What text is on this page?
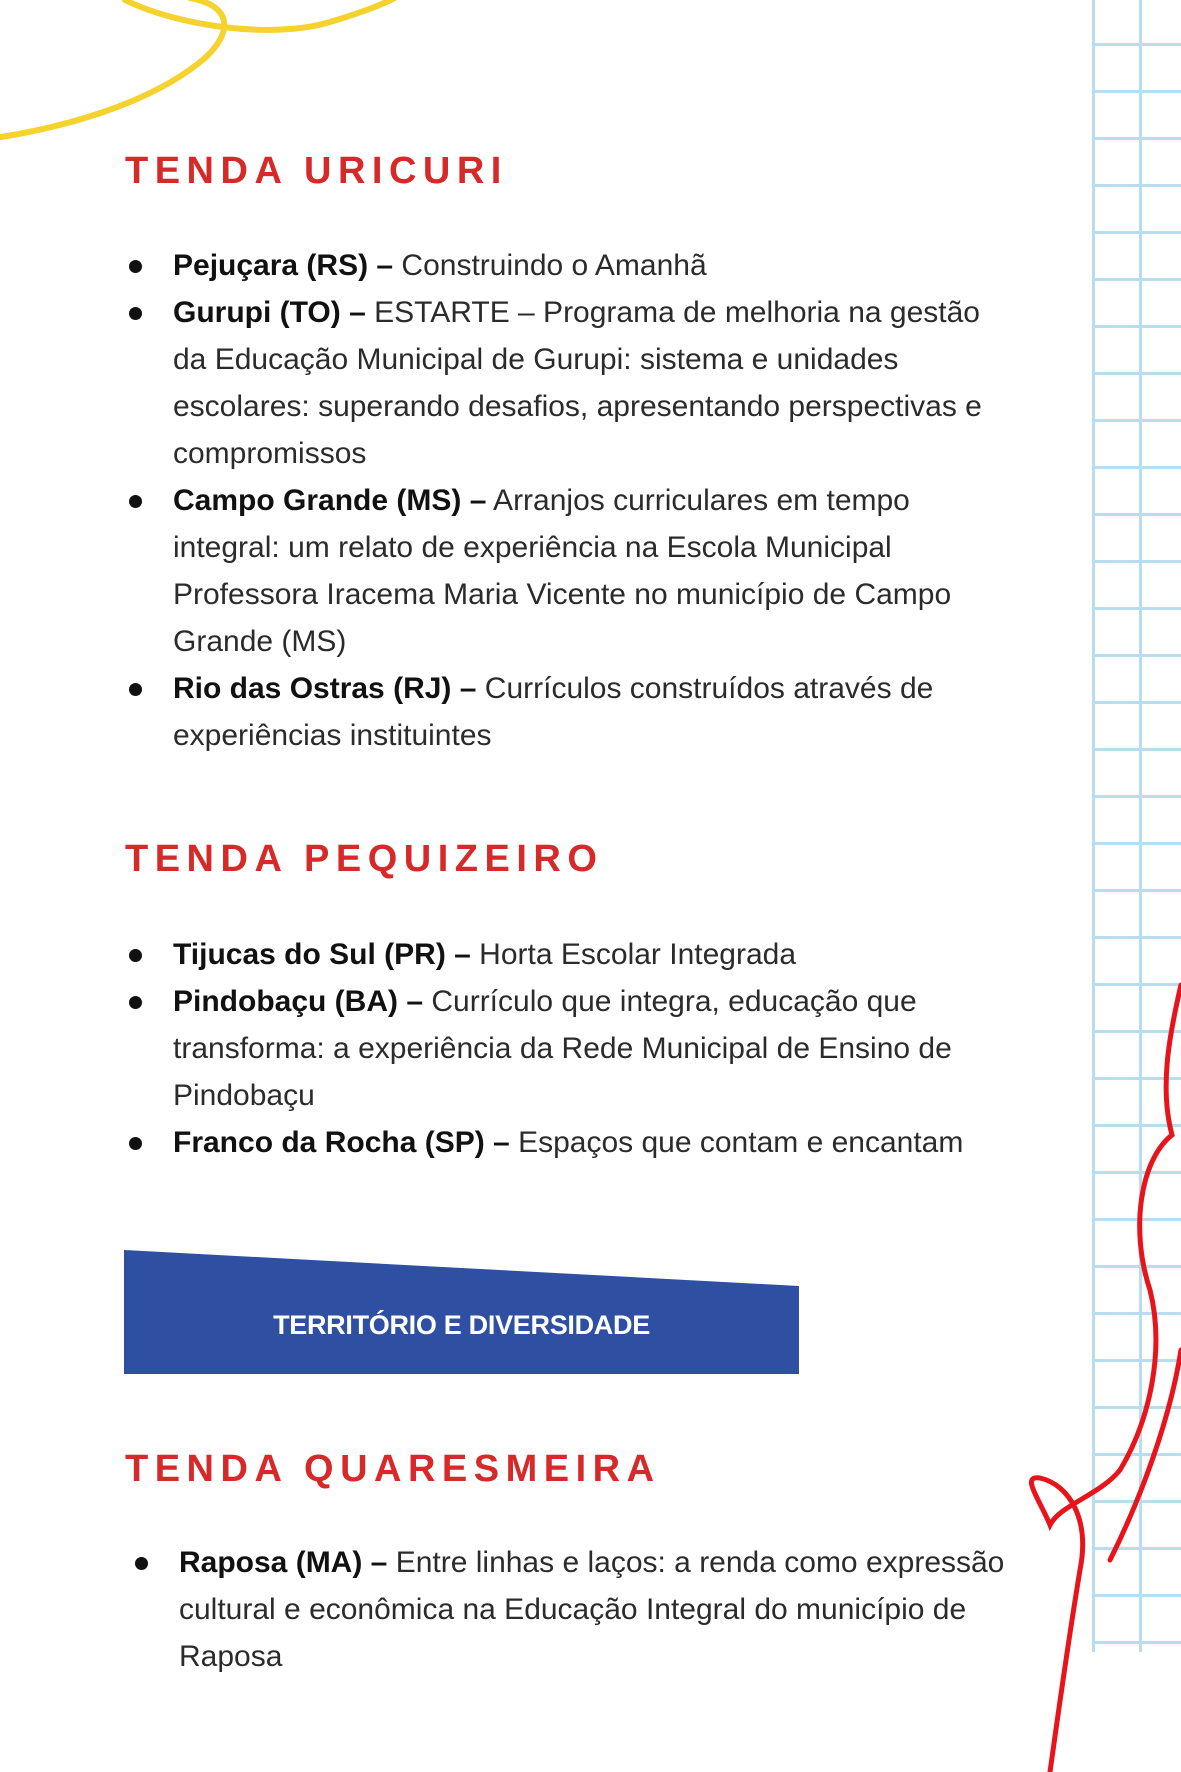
TENDA URICURI
Pejuçara (RS) – Construindo o Amanhã
Gurupi (TO) – ESTARTE – Programa de melhoria na gestão da Educação Municipal de Gurupi: sistema e unidades escolares: superando desafios, apresentando perspectivas e compromissos
Campo Grande (MS) – Arranjos curriculares em tempo integral: um relato de experiência na Escola Municipal Professora Iracema Maria Vicente no município de Campo Grande (MS)
Rio das Ostras (RJ) – Currículos construídos através de experiências instituintes
TENDA PEQUIZEIRO
Tijucas do Sul (PR) – Horta Escolar Integrada
Pindobaçu (BA) – Currículo que integra, educação que transforma: a experiência da Rede Municipal de Ensino de Pindobaçu
Franco da Rocha (SP) – Espaços que contam e encantam
TERRITÓRIO E DIVERSIDADE
TENDA QUARESMEIRA
Raposa (MA) – Entre linhas e laços: a renda como expressão cultural e econômica na Educação Integral do município de Raposa
